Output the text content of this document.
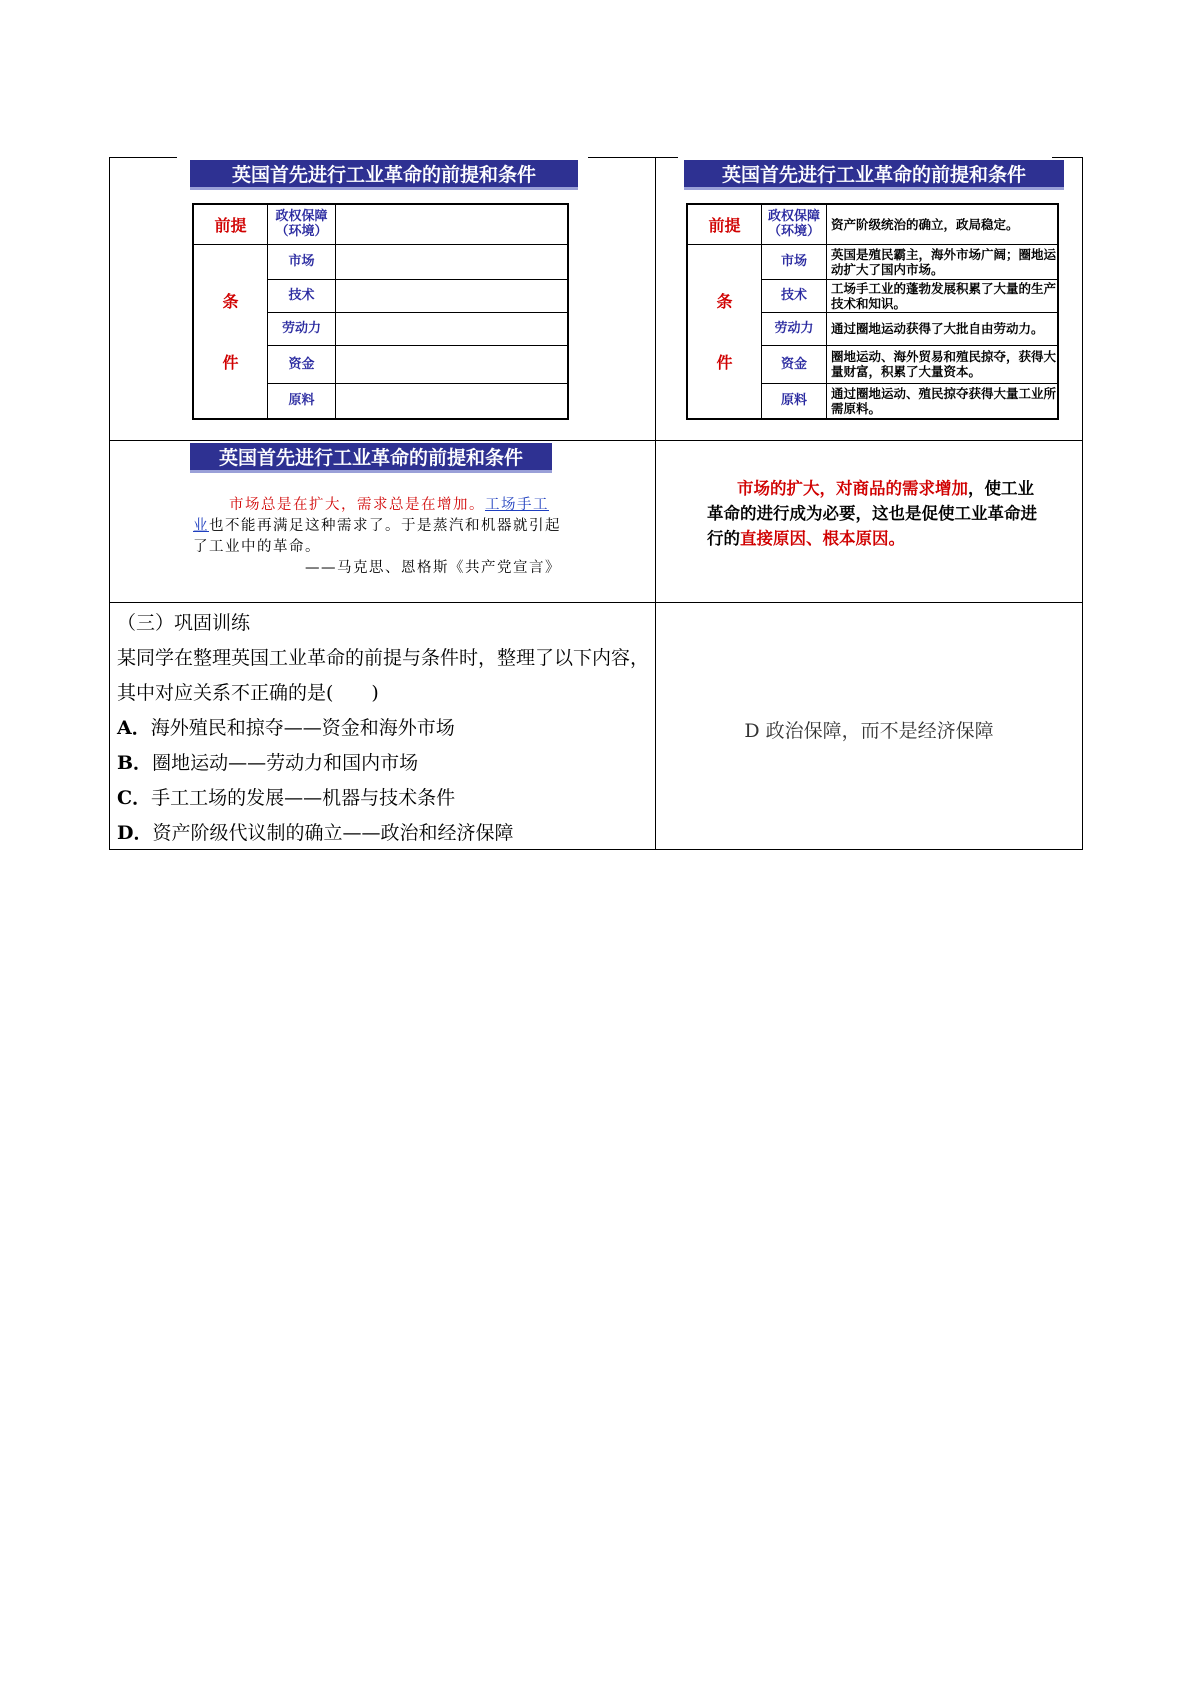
英国首先进行工业革命的前提和条件
前提	政权保障
（环境）	
条

件	市场	
	技术	
	劳动力	
	资金	
	原料	
英国首先进行工业革命的前提和条件
前提	政权保障
（环境）	资产阶级统治的确立，政局稳定。
条

件	市场	英国是殖民霸主，海外市场广阔；圈地运动扩大了国内市场。
	技术	工场手工业的蓬勃发展积累了大量的生产技术和知识。
	劳动力	通过圈地运动获得了大批自由劳动力。
	资金	圈地运动、海外贸易和殖民掠夺，获得大量财富，积累了大量资本。
	原料	通过圈地运动、殖民掠夺获得大量工业所需原料。
英国首先进行工业革命的前提和条件
市场总是在扩大，需求总是在增加。工场手工业也不能再满足这种需求了。于是蒸汽和机器就引起了工业中的革命。
——马克思、恩格斯《共产党宣言》
市场的扩大，对商品的需求增加，使工业革命的进行成为必要，这也是促使工业革命进行的直接原因、根本原因。
（三）巩固训练
某同学在整理英国工业革命的前提与条件时，整理了以下内容，其中对应关系不正确的是(　　)
A．海外殖民和掠夺——资金和海外市场
B．圈地运动——劳动力和国内市场
C．手工工场的发展——机器与技术条件
D．资产阶级代议制的确立——政治和经济保障
D 政治保障，而不是经济保障
